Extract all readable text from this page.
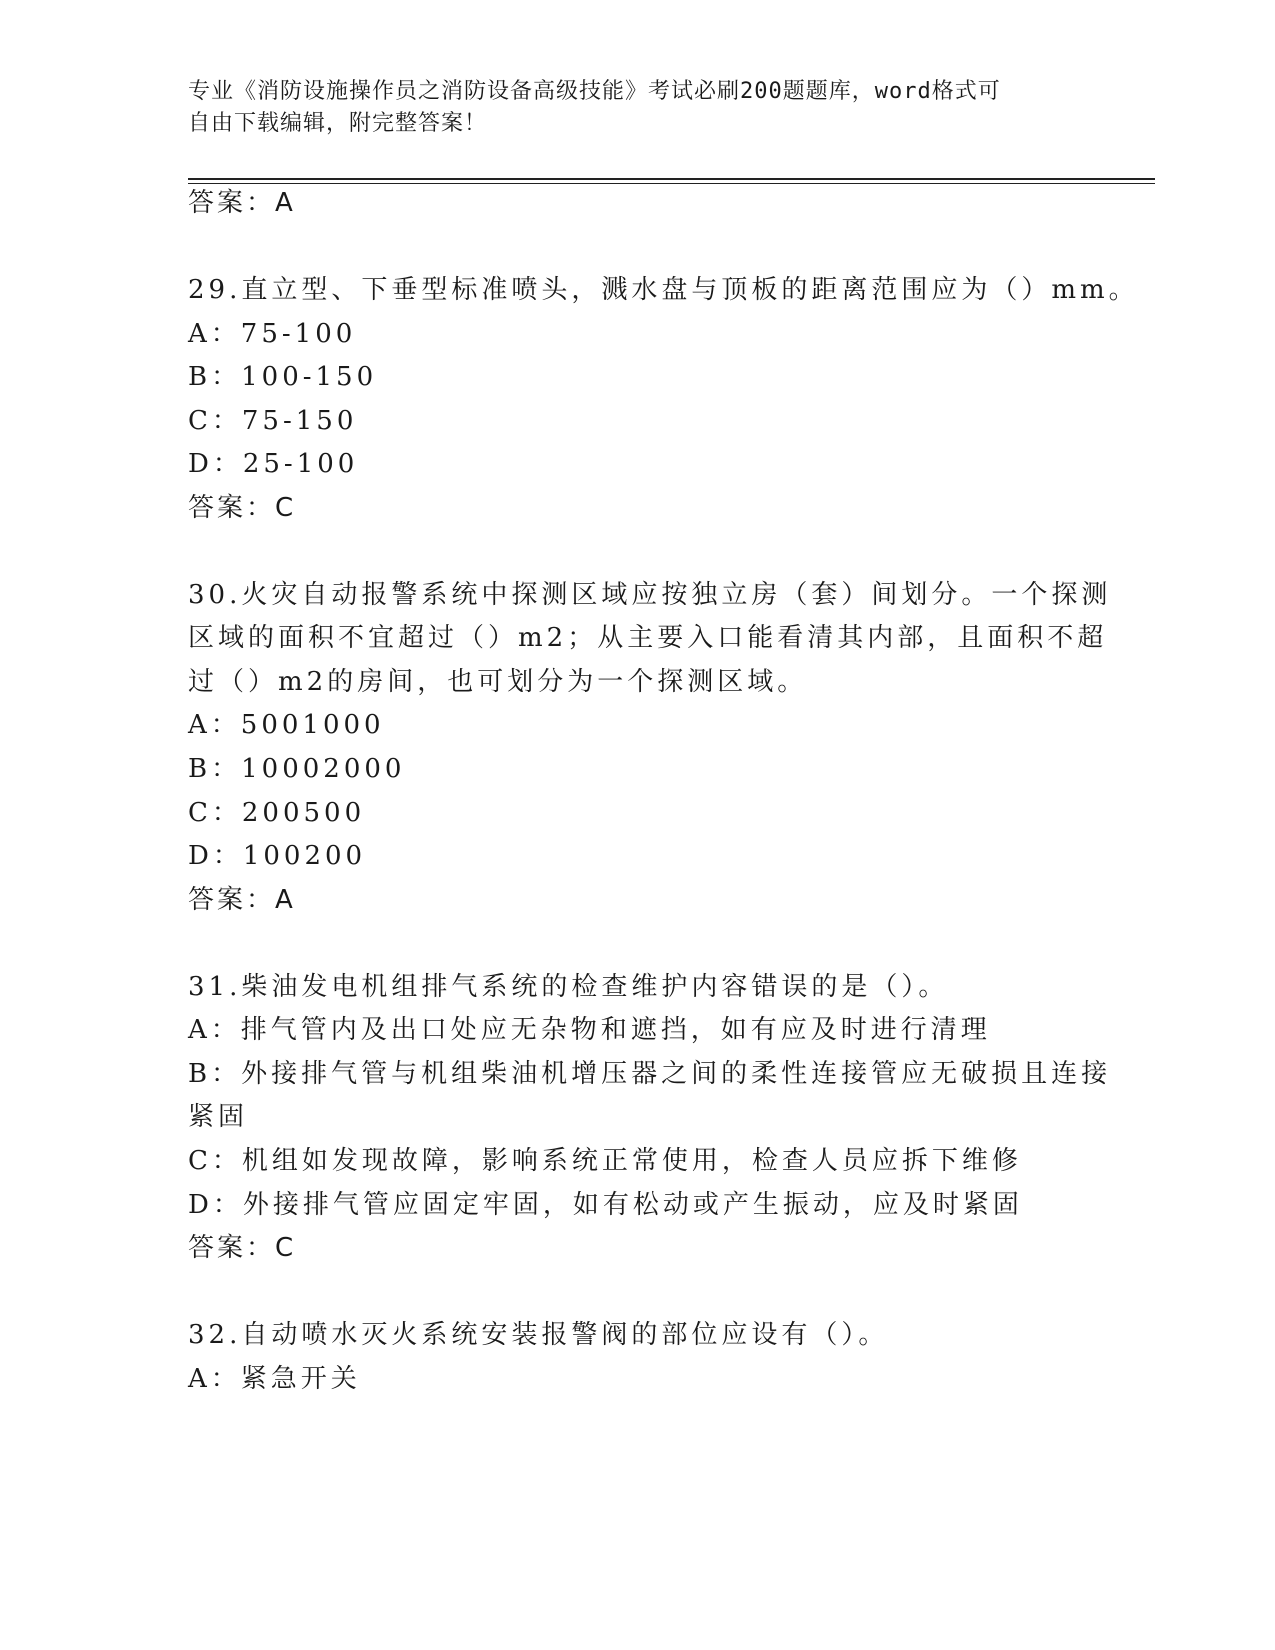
专业《消防设施操作员之消防设备高级技能》考试必刷200题题库，word格式可
自由下载编辑，附完整答案！
答案：A
29.直立型、下垂型标准喷头，溅水盘与顶板的距离范围应为（）mm。
A：75-100
B：100-150
C：75-150
D：25-100
答案：C
30.火灾自动报警系统中探测区域应按独立房（套）间划分。一个探测
区域的面积不宜超过（）m2；从主要入口能看清其内部，且面积不超
过（）m2的房间，也可划分为一个探测区域。
A：5001000
B：10002000
C：200500
D：100200
答案：A
31.柴油发电机组排气系统的检查维护内容错误的是（）。
A：排气管内及出口处应无杂物和遮挡，如有应及时进行清理
B：外接排气管与机组柴油机增压器之间的柔性连接管应无破损且连接
紧固
C：机组如发现故障，影响系统正常使用，检查人员应拆下维修
D：外接排气管应固定牢固，如有松动或产生振动，应及时紧固
答案：C
32.自动喷水灭火系统安装报警阀的部位应设有（）。
A：紧急开关
